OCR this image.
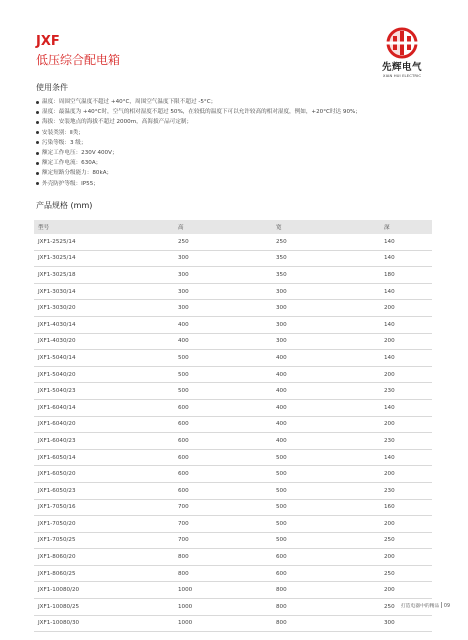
JXF
低压综合配电箱
先辉电气
XIAN HUI ELECTRIC
使用条件
温度：周围空气温度不超过 +40°C，周围空气温度下限不超过 -5°C；
湿度：最温度为 +40°C时，空气的相对湿度不超过 50%，在较低的温度下可以允许较高的相对湿度，例如，+20°C时达 90%；
海拔：安装地点的海拔不超过 2000m，高海拔产品可定制；
安装类别：Ⅱ类；
污染等级：3 级；
额定工作电压：230V 400V；
额定工作电流：630A；
额定短路分级能力：80kA；
外壳防护等级：IP55；
产品规格 (mm)
型号	高	宽	深
JXF1-2525/14	250	250	140
JXF1-3025/14	300	350	140
JXF1-3025/18	300	350	180
JXF1-3030/14	300	300	140
JXF1-3030/20	300	300	200
JXF1-4030/14	400	300	140
JXF1-4030/20	400	300	200
JXF1-5040/14	500	400	140
JXF1-5040/20	500	400	200
JXF1-5040/23	500	400	230
JXF1-6040/14	600	400	140
JXF1-6040/20	600	400	200
JXF1-6040/23	600	400	230
JXF1-6050/14	600	500	140
JXF1-6050/20	600	500	200
JXF1-6050/23	600	500	230
JXF1-7050/16	700	500	160
JXF1-7050/20	700	500	200
JXF1-7050/25	700	500	250
JXF1-8060/20	800	600	200
JXF1-8060/25	800	600	250
JXF1-10080/20	1000	800	200
JXF1-10080/25	1000	800	250
JXF1-10080/30	1000	800	300
打造电器中的精品 09
